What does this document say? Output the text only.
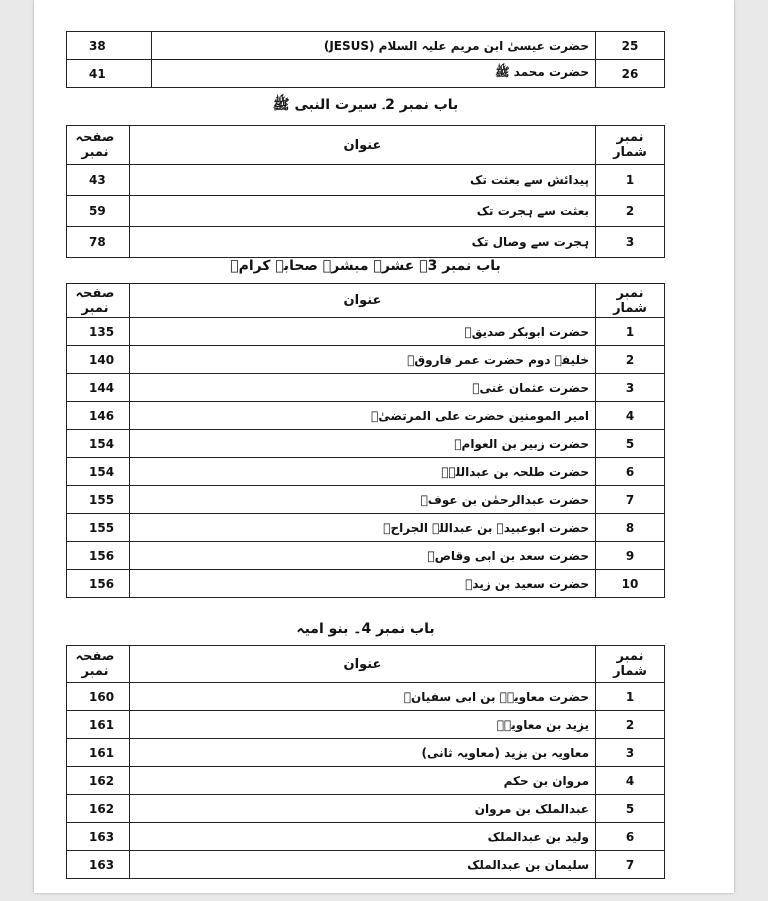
38	حضرت عیسیٰ ابن مریم علیہ السلام (JESUS)	25
41	حضرت محمد ﷺ	26
باب نمبر 2۔ سیرت النبی ﷺ
صفحہ نمبر	عنوان	نمبر شمار
43	پیدائش سے بعثت تک	1
59	بعثت سے ہجرت تک	2
78	ہجرت سے وصال تک	3
باب نمبر 3۔ عشرہ مبشرہ صحابہ کرامؓ
صفحہ نمبر	عنوان	نمبر شمار
135	حضرت ابوبکر صدیقؓ	1
140	خلیفہ دوم حضرت عمر فاروقؓ	2
144	حضرت عثمان غنیؓ	3
146	امیر المومنین حضرت علی المرتضیٰؓ	4
154	حضرت زبیر بن العوامؓ	5
154	حضرت طلحہ بن عبداللہؓ	6
155	حضرت عبدالرحمٰن بن عوفؓ	7
155	حضرت ابوعبیدہ بن عبداللہ الجراحؓ	8
156	حضرت سعد بن ابی وقاصؓ	9
156	حضرت سعید بن زیدؓ	10
باب نمبر 4۔ بنو امیہ
صفحہ نمبر	عنوان	نمبر شمار
160	حضرت معاویہؓ بن ابی سفیانؓ	1
161	یزید بن معاویہؒ	2
161	معاویہ بن یزید (معاویہ ثانی)	3
162	مروان بن حکم	4
162	عبدالملک بن مروان	5
163	ولید بن عبدالملک	6
163	سلیمان بن عبدالملک	7
